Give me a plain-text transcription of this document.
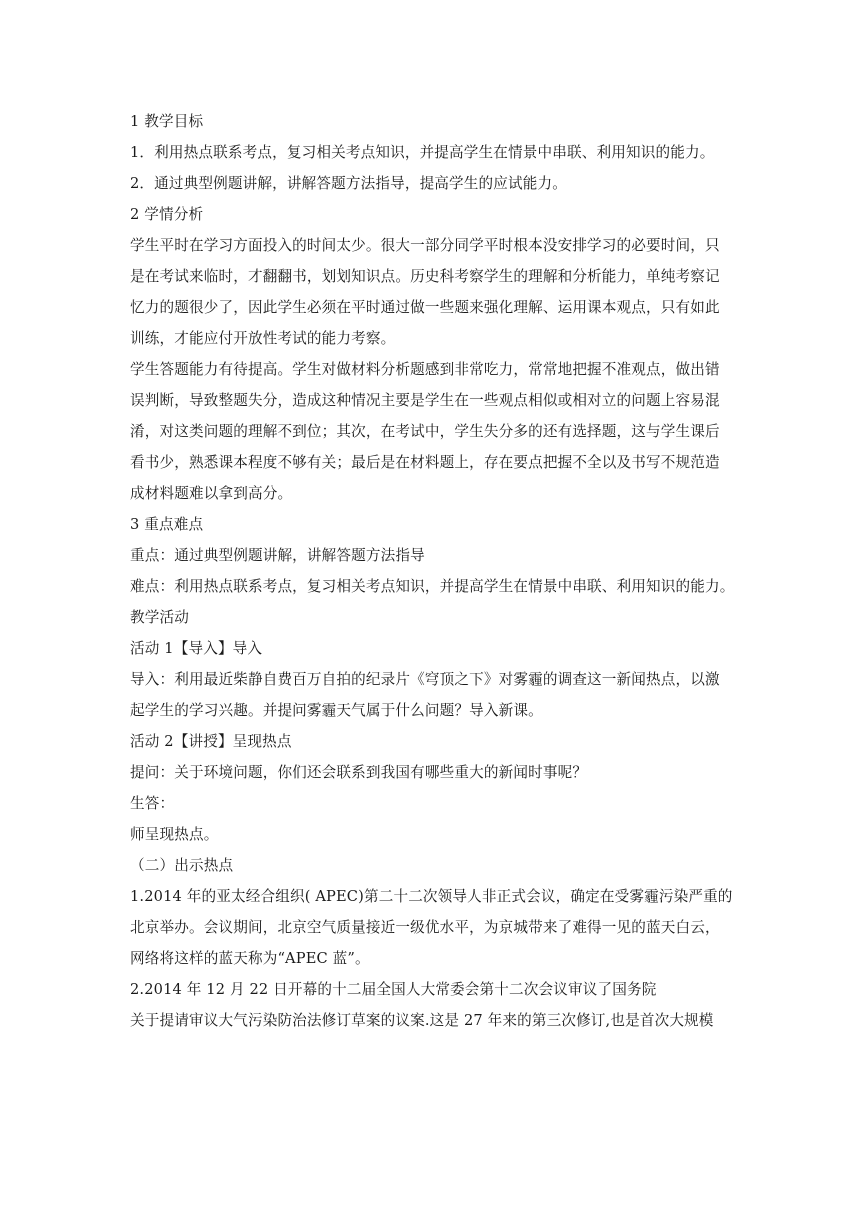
1 教学目标
1．利用热点联系考点，复习相关考点知识，并提高学生在情景中串联、利用知识的能力。
2．通过典型例题讲解，讲解答题方法指导，提高学生的应试能力。
2 学情分析
学生平时在学习方面投入的时间太少。很大一部分同学平时根本没安排学习的必要时间，只
是在考试来临时，才翻翻书，划划知识点。历史科考察学生的理解和分析能力，单纯考察记
忆力的题很少了，因此学生必须在平时通过做一些题来强化理解、运用课本观点，只有如此
训练，才能应付开放性考试的能力考察。
学生答题能力有待提高。学生对做材料分析题感到非常吃力，常常地把握不准观点，做出错
误判断，导致整题失分，造成这种情况主要是学生在一些观点相似或相对立的问题上容易混
淆，对这类问题的理解不到位；其次，在考试中，学生失分多的还有选择题，这与学生课后
看书少，熟悉课本程度不够有关；最后是在材料题上，存在要点把握不全以及书写不规范造
成材料题难以拿到高分。
3 重点难点
重点：通过典型例题讲解，讲解答题方法指导
难点：利用热点联系考点，复习相关考点知识，并提高学生在情景中串联、利用知识的能力。
教学活动
活动 1【导入】导入
导入：利用最近柴静自费百万自拍的纪录片《穹顶之下》对雾霾的调查这一新闻热点，以激
起学生的学习兴趣。并提问雾霾天气属于什么问题？导入新课。
活动 2【讲授】呈现热点
提问：关于环境问题，你们还会联系到我国有哪些重大的新闻时事呢？
生答：
师呈现热点。
（二）出示热点
1.2014 年的亚太经合组织( APEC)第二十二次领导人非正式会议，确定在受雾霾污染严重的
北京举办。会议期间，北京空气质量接近一级优水平，为京城带来了难得一见的蓝天白云，
网络将这样的蓝天称为“APEC 蓝”。
2.2014 年 12 月 22 日开幕的十二届全国人大常委会第十二次会议审议了国务院
关于提请审议大气污染防治法修订草案的议案.这是 27 年来的第三次修订,也是首次大规模
